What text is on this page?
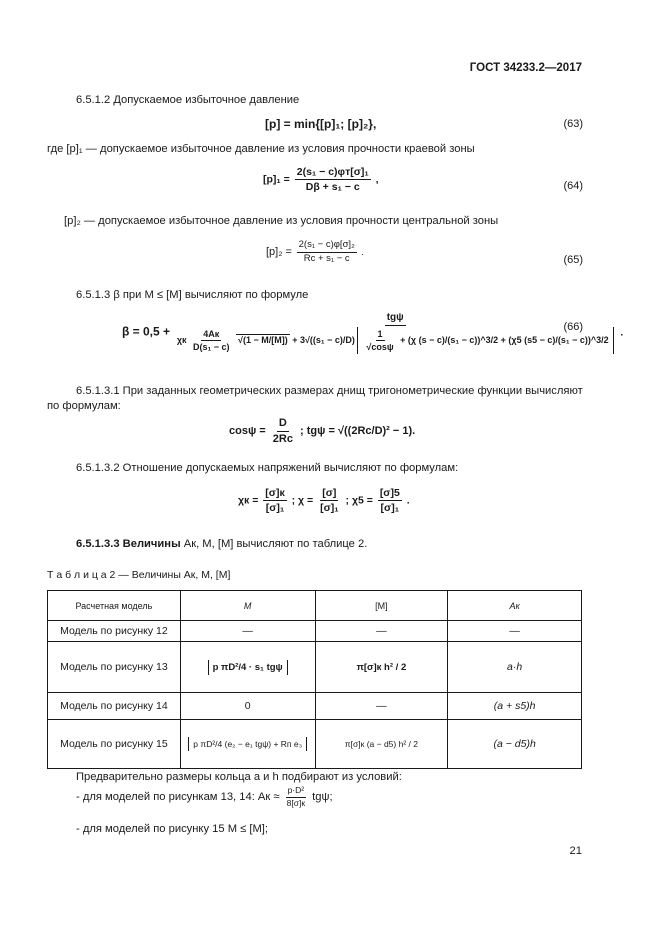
ГОСТ 34233.2—2017
6.5.1.2 Допускаемое избыточное давление
[p] = min{[p]₁; [p]₂},	(63)
где [p]₁ — допускаемое избыточное давление из условия прочности краевой зоны
$[p]_1 = \frac{\text{2(s₁ − c)φт[σ]₁}}{\text{Dβ + s₁ − c}}$ ,
(64)
[p]₂ — допускаемое избыточное давление из условия прочности центральной зоны
$[p]_2 = \frac{\text{2(s₁ − c)φ[σ]₂}}{\text{Rс + s₁ − c}}$ .
(65)
6.5.1.3 β при M ≤ [M] вычисляют по формуле
β = 0,5 +
tgψ
χк $\frac{4Aк}{\text{D(s₁ − c)}} √(1 - M/[M]) + 3√((s_1 - c)/D) \frac{1}{√\cos\psi} + (\chi$ (s − c)/(s₁ − c))^3/2 + (χ5 (s5 − c)/(s₁ − c))^3/2
.
(66)
6.5.1.3.1 При заданных геометрических размерах днищ тригонометрические функции вычисляют
по формулам:
$\cos\psi = \frac{D}{2Rс}$ ; tgψ = √((2Rс/D)² − 1).
6.5.1.3.2 Отношение допускаемых напряжений вычисляют по формулам:
$\chi к = \frac{[\sigma]к}{\text{[σ]₁}}$ ; $\chi = \frac{[\sigma]}{\text{[σ]₁}}$ ; $\chi 5 = \frac{[\sigma]5}{\text{[σ]₁}}$ .
6.5.1.3.3 Величины Aк, M, [M] вычисляют по таблице 2.
Т а б л и ц а 2 — Величины Aк, M, [M]
Расчетная модель	M	[M]	Aк
Модель по рисунку 12	—	—	—
Модель по рисунку 13	p πD²/4 · s₁ tgψ	π[σ]к h² / 2	a·h
Модель по рисунку 14	0	—	(a + s5)h
Модель по рисунку 15	p πD²/4 (e₂ − e₁ tgψ) + Rп e₃	π[σ]к (a − d5) h² / 2	(a − d5)h
Предварительно размеры кольца a и h подбирают из условий:
- для моделей по рисункам 13, 14: Aк ≈ $\frac{\text{p·D²}}{8[\sigma]к} tg\psi$;
- для моделей по рисунку 15 M ≤ [M];
21
